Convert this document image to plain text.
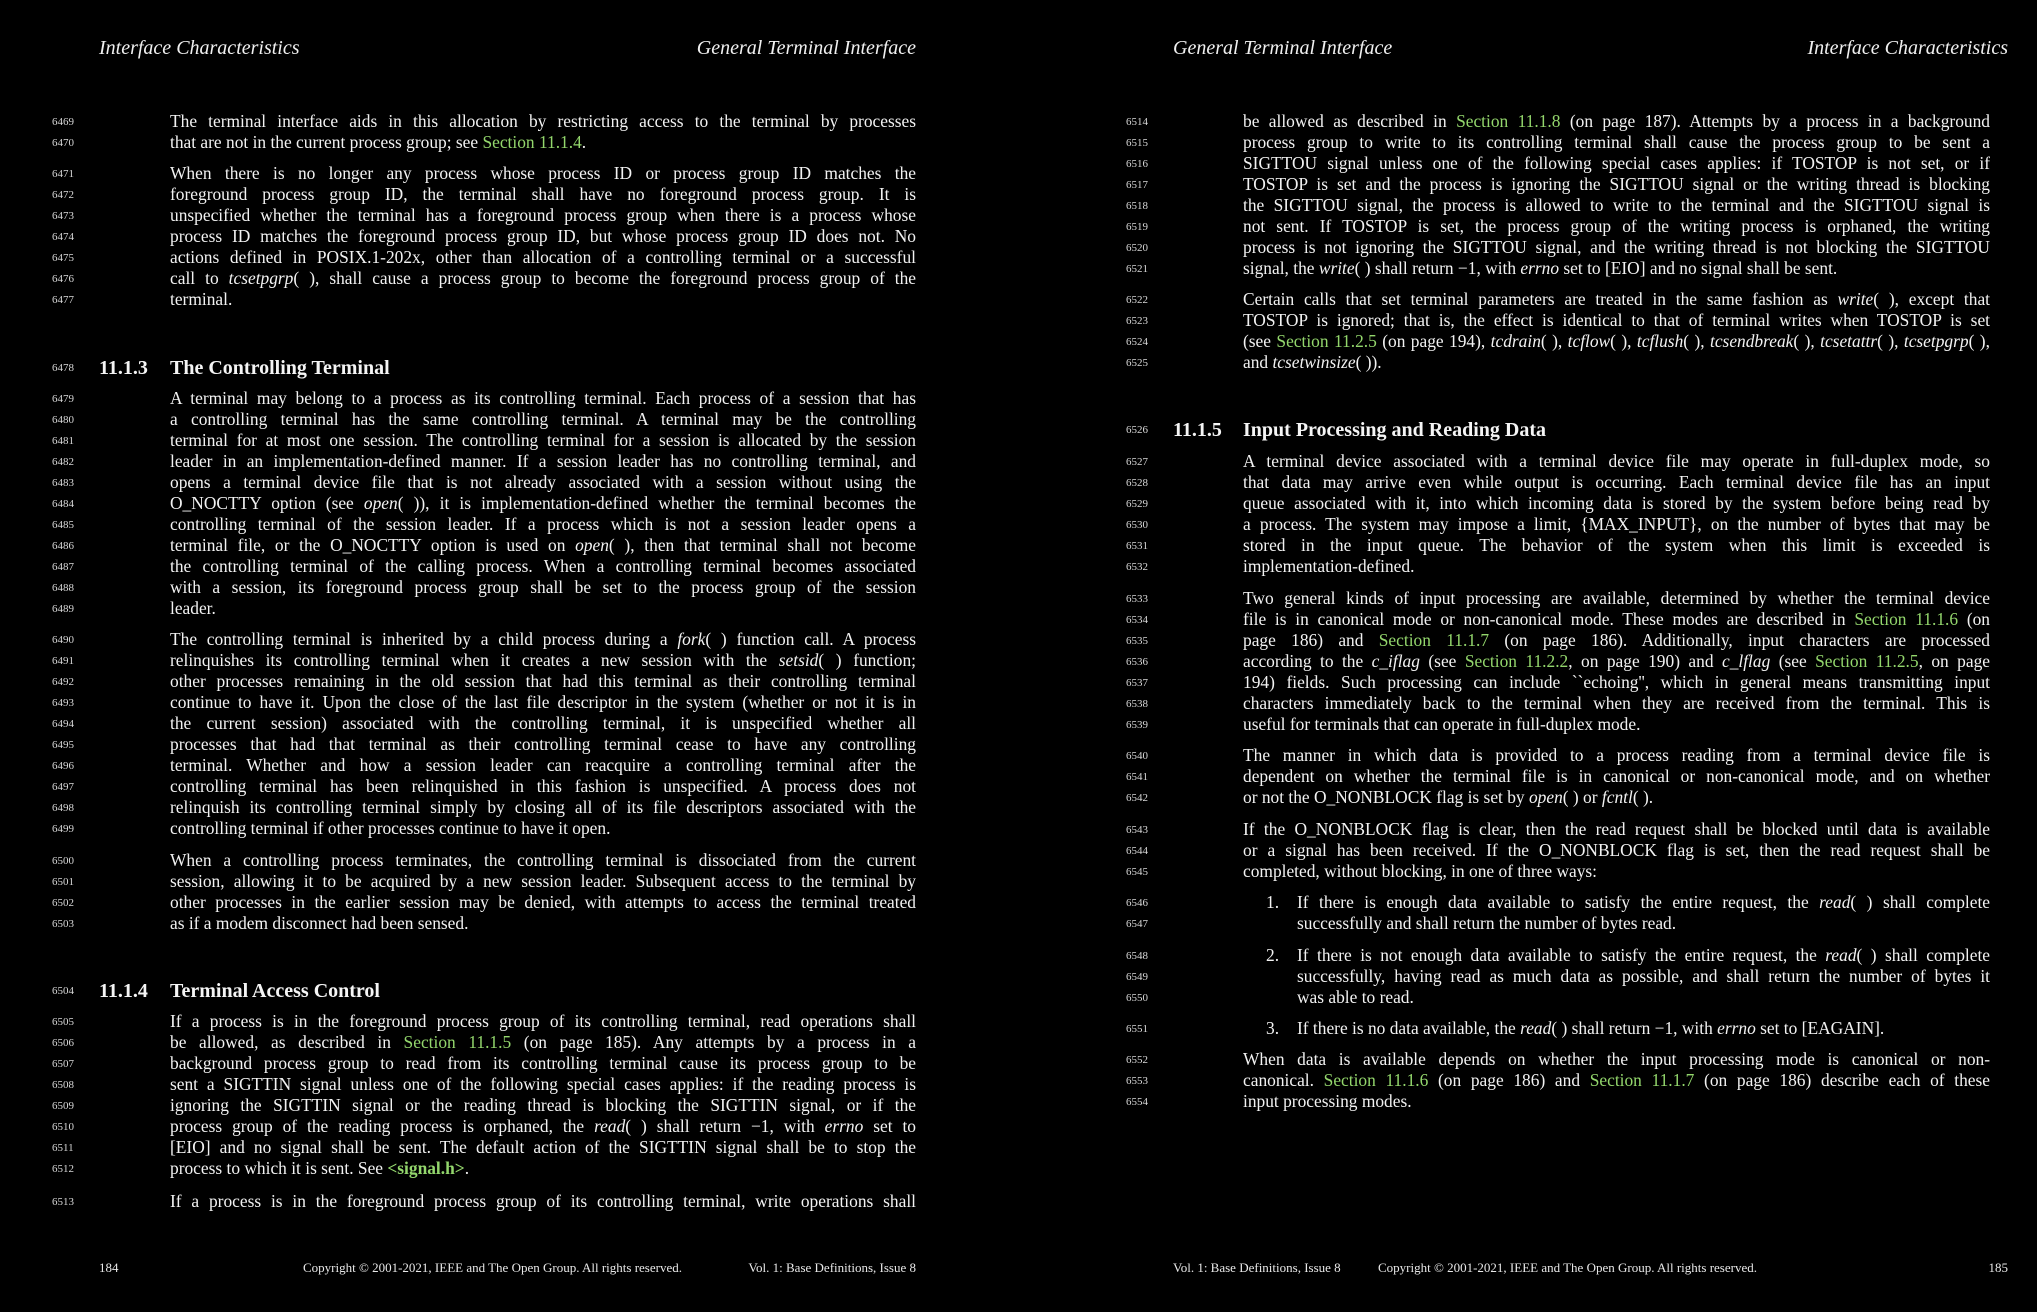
Interface Characteristics	General Terminal Interface
6478	11.1.3 The Controlling Terminal
6504	11.1.4 Terminal Access Control
6469	The terminal interface aids in this allocation by restricting access to the terminal by processes
6470	that are not in the current process group; see Section 11.1.4.
6471	When there is no longer any process whose process ID or process group ID matches the
6472	foreground process group ID, the terminal shall have no foreground process group. It is
6473	unspecified whether the terminal has a foreground process group when there is a process whose
6474	process ID matches the foreground process group ID, but whose process group ID does not. No
6475	actions defined in POSIX.1-202x, other than allocation of a controlling terminal or a successful
6476	call to tcsetpgrp( ), shall cause a process group to become the foreground process group of the
6477	terminal.
6479	A terminal may belong to a process as its controlling terminal. Each process of a session that has
6480	a controlling terminal has the same controlling terminal. A terminal may be the controlling
6481	terminal for at most one session. The controlling terminal for a session is allocated by the session
6482	leader in an implementation-defined manner. If a session leader has no controlling terminal, and
6483	opens a terminal device file that is not already associated with a session without using the
6484	O_NOCTTY option (see open( )), it is implementation-defined whether the terminal becomes the
6485	controlling terminal of the session leader. If a process which is not a session leader opens a
6486	terminal file, or the O_NOCTTY option is used on open( ), then that terminal shall not become
6487	the controlling terminal of the calling process. When a controlling terminal becomes associated
6488	with a session, its foreground process group shall be set to the process group of the session
6489	leader.
6490	The controlling terminal is inherited by a child process during a fork( ) function call. A process
6491	relinquishes its controlling terminal when it creates a new session with the setsid( ) function;
6492	other processes remaining in the old session that had this terminal as their controlling terminal
6493	continue to have it. Upon the close of the last file descriptor in the system (whether or not it is in
6494	the current session) associated with the controlling terminal, it is unspecified whether all
6495	processes that had that terminal as their controlling terminal cease to have any controlling
6496	terminal. Whether and how a session leader can reacquire a controlling terminal after the
6497	controlling terminal has been relinquished in this fashion is unspecified. A process does not
6498	relinquish its controlling terminal simply by closing all of its file descriptors associated with the
6499	controlling terminal if other processes continue to have it open.
6500	When a controlling process terminates, the controlling terminal is dissociated from the current
6501	session, allowing it to be acquired by a new session leader. Subsequent access to the terminal by
6502	other processes in the earlier session may be denied, with attempts to access the terminal treated
6503	as if a modem disconnect had been sensed.
6505	If a process is in the foreground process group of its controlling terminal, read operations shall
6506	be allowed, as described in Section 11.1.5 (on page 185). Any attempts by a process in a
6507	background process group to read from its controlling terminal cause its process group to be
6508	sent a SIGTTIN signal unless one of the following special cases applies: if the reading process is
6509	ignoring the SIGTTIN signal or the reading thread is blocking the SIGTTIN signal, or if the
6510	process group of the reading process is orphaned, the read( ) shall return −1, with errno set to
6511	[EIO] and no signal shall be sent. The default action of the SIGTTIN signal shall be to stop the
6512	process to which it is sent. See <signal.h>.
6513	If a process is in the foreground process group of its controlling terminal, write operations shall
184	Copyright © 2001-2021, IEEE and The Open Group. All rights reserved.	Vol. 1: Base Definitions, Issue 8
General Terminal Interface	Interface Characteristics
6526	11.1.5 Input Processing and Reading Data
6514	be allowed as described in Section 11.1.8 (on page 187). Attempts by a process in a background
6515	process group to write to its controlling terminal shall cause the process group to be sent a
6516	SIGTTOU signal unless one of the following special cases applies: if TOSTOP is not set, or if
6517	TOSTOP is set and the process is ignoring the SIGTTOU signal or the writing thread is blocking
6518	the SIGTTOU signal, the process is allowed to write to the terminal and the SIGTTOU signal is
6519	not sent. If TOSTOP is set, the process group of the writing process is orphaned, the writing
6520	process is not ignoring the SIGTTOU signal, and the writing thread is not blocking the SIGTTOU
6521	signal, the write( ) shall return −1, with errno set to [EIO] and no signal shall be sent.
6522	Certain calls that set terminal parameters are treated in the same fashion as write( ), except that
6523	TOSTOP is ignored; that is, the effect is identical to that of terminal writes when TOSTOP is set
6524	(see Section 11.2.5 (on page 194), tcdrain( ), tcflow( ), tcflush( ), tcsendbreak( ), tcsetattr( ), tcsetpgrp( ),
6525	and tcsetwinsize( )).
6527	A terminal device associated with a terminal device file may operate in full-duplex mode, so
6528	that data may arrive even while output is occurring. Each terminal device file has an input
6529	queue associated with it, into which incoming data is stored by the system before being read by
6530	a process. The system may impose a limit, {MAX_INPUT}, on the number of bytes that may be
6531	stored in the input queue. The behavior of the system when this limit is exceeded is
6532	implementation-defined.
6533	Two general kinds of input processing are available, determined by whether the terminal device
6534	file is in canonical mode or non-canonical mode. These modes are described in Section 11.1.6 (on
6535	page 186) and Section 11.1.7 (on page 186). Additionally, input characters are processed
6536	according to the c_iflag (see Section 11.2.2, on page 190) and c_lflag (see Section 11.2.5, on page
6537	194) fields. Such processing can include ``echoing'', which in general means transmitting input
6538	characters immediately back to the terminal when they are received from the terminal. This is
6539	useful for terminals that can operate in full-duplex mode.
6540	The manner in which data is provided to a process reading from a terminal device file is
6541	dependent on whether the terminal file is in canonical or non-canonical mode, and on whether
6542	or not the O_NONBLOCK flag is set by open( ) or fcntl( ).
6543	If the O_NONBLOCK flag is clear, then the read request shall be blocked until data is available
6544	or a signal has been received. If the O_NONBLOCK flag is set, then the read request shall be
6545	completed, without blocking, in one of three ways:
6546	1. If there is enough data available to satisfy the entire request, the read( ) shall complete
6547	successfully and shall return the number of bytes read.
6548	2. If there is not enough data available to satisfy the entire request, the read( ) shall complete
6549	successfully, having read as much data as possible, and shall return the number of bytes it
6550	was able to read.
6551	3. If there is no data available, the read( ) shall return −1, with errno set to [EAGAIN].
6552	When data is available depends on whether the input processing mode is canonical or non-
6553	canonical. Section 11.1.6 (on page 186) and Section 11.1.7 (on page 186) describe each of these
6554	input processing modes.
Vol. 1: Base Definitions, Issue 8	Copyright © 2001-2021, IEEE and The Open Group. All rights reserved.	185
